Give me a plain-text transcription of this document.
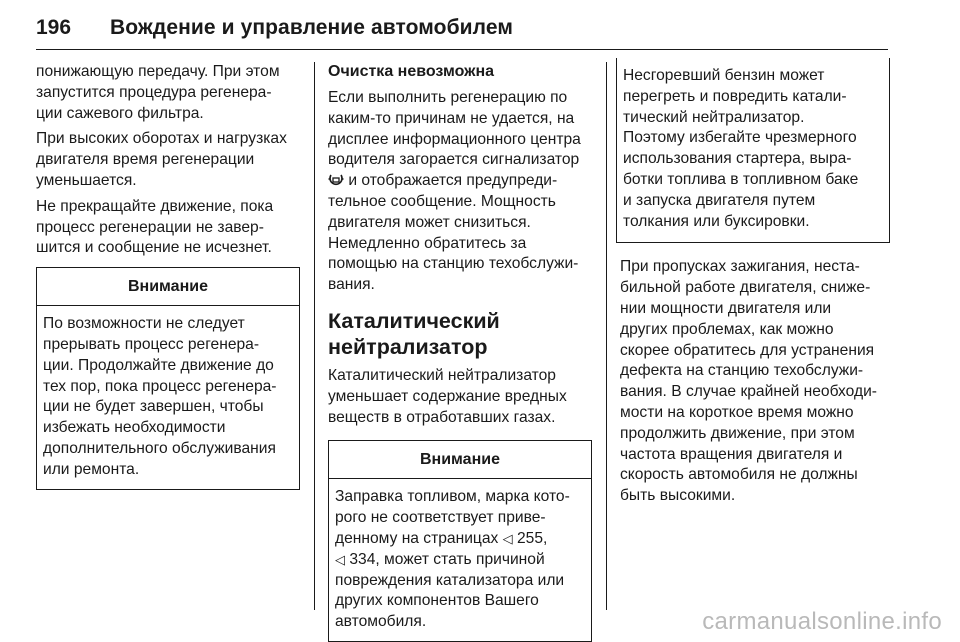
196 Вождение и управление автомобилем

понижающую передачу. При этом
запустится процедура регенера-
ции сажевого фильтра.

При высоких оборотах и нагрузках
двигателя время регенерации
уменьшается.

Не прекращайте движение, пока
процесс регенерации не завер-
шится и сообщение не исчезнет.

Внимание
По возможности не следует
прерывать процесс регенера-
ции. Продолжайте движение до
тех пор, пока процесс регенера-
ции не будет завершен, чтобы
избежать необходимости
дополнительного обслуживания
или ремонта.
Очистка невозможна

Если выполнить регенерацию по
каким-то причинам не удается, на
дисплее информационного центра
водителя загорается сигнализатор
и отображается предупреди-
тельное сообщение. Мощность
двигателя может снизиться.
Немедленно обратитесь за
помощью на станцию техобслужи-
вания.

Каталитический
нейтрализатор

Каталитический нейтрализатор
уменьшает содержание вредных
веществ в отработавших газах.

Внимание
Заправка топливом, марка кото-
рого не соответствует приве-
денному на страницах ◁ 255,
◁ 334, может стать причиной
повреждения катализатора или
других компонентов Вашего
автомобиля.
Несгоревший бензин может
перегреть и повредить катали-
тический нейтрализатор.
Поэтому избегайте чрезмерного
использования стартера, выра-
ботки топлива в топливном баке
и запуска двигателя путем
толкания или буксировки.

При пропусках зажигания, неста-
бильной работе двигателя, сниже-
нии мощности двигателя или
других проблемах, как можно
скорее обратитесь для устранения
дефекта на станцию техобслужи-
вания. В случае крайней необходи-
мости на короткое время можно
продолжить движение, при этом
частота вращения двигателя и
скорость автомобиля не должны
быть высокими.

carmanualsonline.info
